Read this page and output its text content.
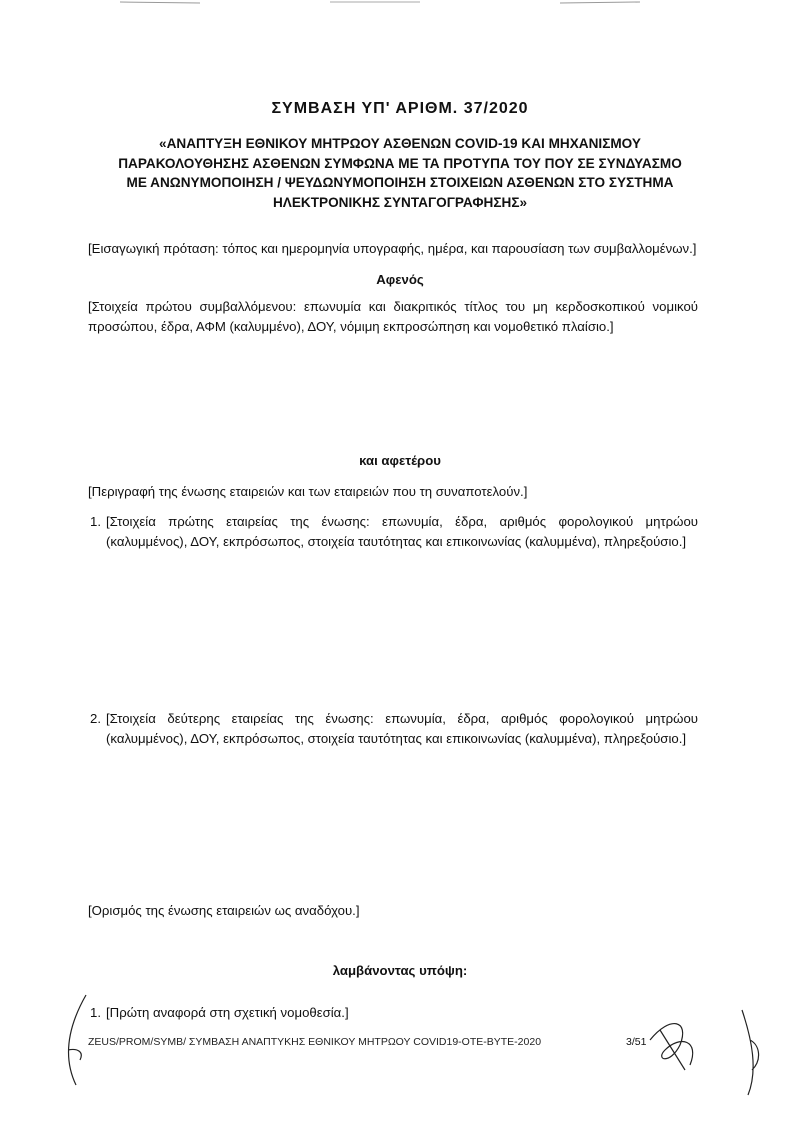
ΣΥΜΒΑΣΗ ΥΠ' ΑΡΙΘΜ. 37/2020
«ΑΝΑΠΤΥΞΗ ΕΘΝΙΚΟΥ ΜΗΤΡΩΟΥ ΑΣΘΕΝΩΝ COVID-19 ΚΑΙ ΜΗΧΑΝΙΣΜΟΥ ΠΑΡΑΚΟΛΟΥΘΗΣΗΣ ΑΣΘΕΝΩΝ ΣΥΜΦΩΝΑ ΜΕ ΤΑ ΠΡΟΤΥΠΑ ΤΟΥ ΠΟΥ ΣΕ ΣΥΝΔΥΑΣΜΟ ΜΕ ΑΝΩΝΥΜΟΠΟΙΗΣΗ / ΨΕΥΔΩΝΥΜΟΠΟΙΗΣΗ ΣΤΟΙΧΕΙΩΝ ΑΣΘΕΝΩΝ ΣΤΟ ΣΥΣΤΗΜΑ ΗΛΕΚΤΡΟΝΙΚΗΣ ΣΥΝΤΑΓΟΓΡΑΦΗΣΗΣ»
[Εισαγωγική πρόταση: τόπος και ημερομηνία υπογραφής, ημέρα, και παρουσίαση των συμβαλλομένων.]
Αφενός
[Στοιχεία πρώτου συμβαλλόμενου: επωνυμία και διακριτικός τίτλος του μη κερδοσκοπικού νομικού προσώπου, έδρα, ΑΦΜ (καλυμμένο), ΔΟΥ, νόμιμη εκπροσώπηση και νομοθετικό πλαίσιο.]
και αφετέρου
[Περιγραφή της ένωσης εταιρειών και των εταιρειών που τη συναποτελούν.]
1. [Στοιχεία πρώτης εταιρείας της ένωσης: επωνυμία, έδρα, αριθμός φορολογικού μητρώου (καλυμμένος), ΔΟΥ, εκπρόσωπος, στοιχεία ταυτότητας και επικοινωνίας (καλυμμένα), πληρεξούσιο.]
2. [Στοιχεία δεύτερης εταιρείας της ένωσης: επωνυμία, έδρα, αριθμός φορολογικού μητρώου (καλυμμένος), ΔΟΥ, εκπρόσωπος, στοιχεία ταυτότητας και επικοινωνίας (καλυμμένα), πληρεξούσιο.]
[Ορισμός της ένωσης εταιρειών ως αναδόχου.]
λαμβάνοντας υπόψη:
1. [Πρώτη αναφορά στη σχετική νομοθεσία.]
ZEUS/PROM/SYMB/ ΣΥΜΒΑΣΗ ΑΝΑΠΤΥΚΗΣ ΕΘΝΙΚΟΥ ΜΗΤΡΩΟΥ COVID19-OTE-BYTE-2020	3/51
